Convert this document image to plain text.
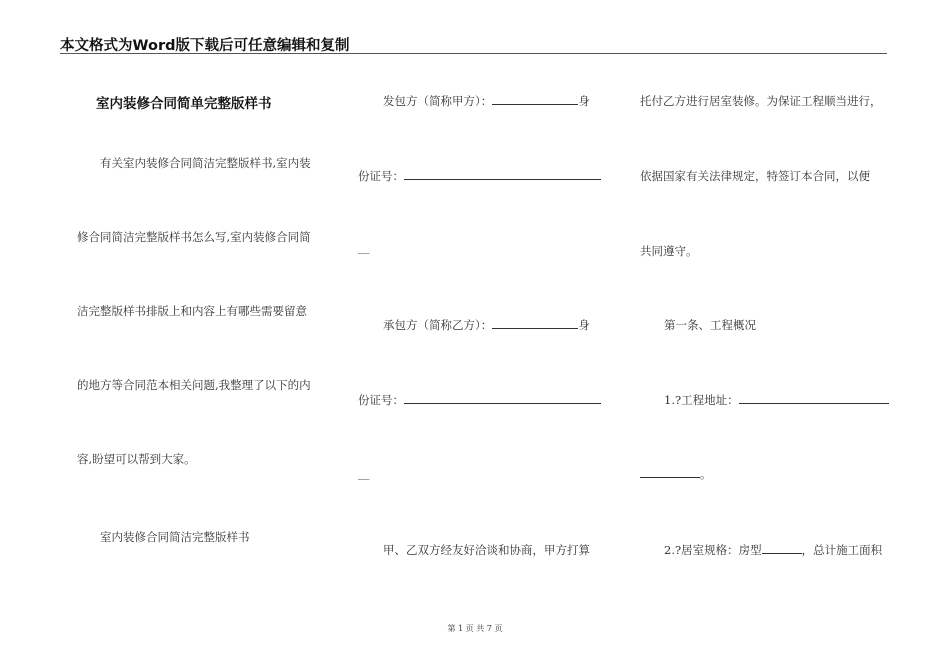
本文格式为Word版下载后可任意编辑和复制
室内装修合同简单完整版样书
有关室内装修合同简洁完整版样书,室内装
修合同简洁完整版样书怎么写,室内装修合同简
洁完整版样书排版上和内容上有哪些需要留意
的地方等合同范本相关问题,我整理了以下的内
容,盼望可以帮到大家。
室内装修合同简洁完整版样书
发包方（简称甲方）：	身
份证号：
__
承包方（简称乙方）：	身
份证号：
__
甲、乙双方经友好洽谈和协商，甲方打算
托付乙方进行居室装修。为保证工程顺当进行，
依据国家有关法律规定，特签订本合同，以便
共同遵守。
第一条、工程概况
1.?工程地址：
。
2.?居室规格：房型	，总计施工面积
第 1 页 共 7 页
